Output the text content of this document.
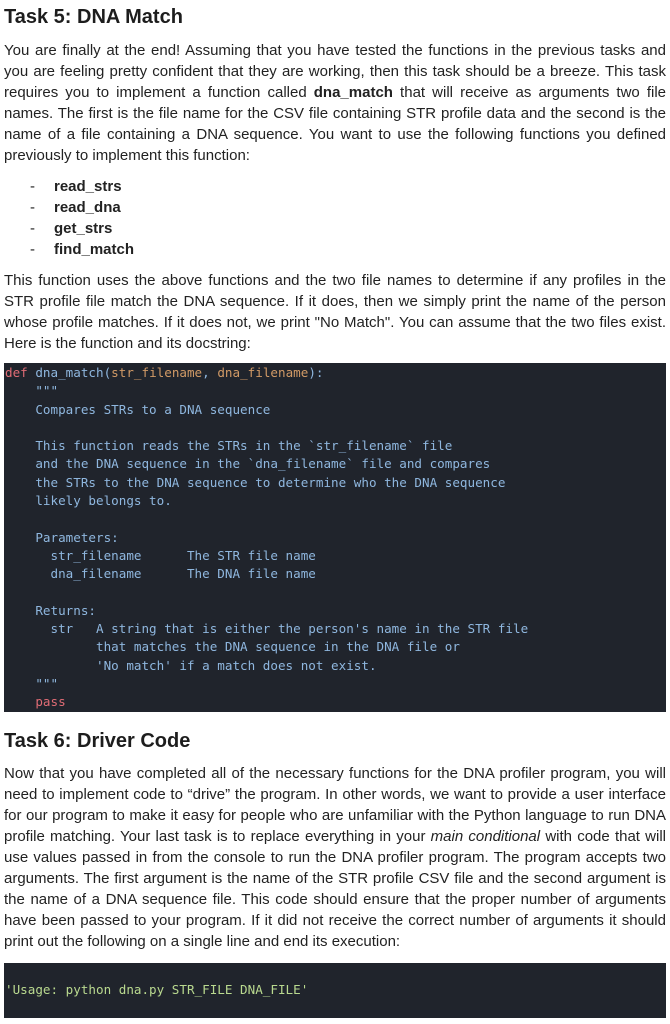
Task 5: DNA Match

You are finally at the end! Assuming that you have tested the functions in the previous tasks and you are feeling pretty confident that they are working, then this task should be a breeze. This task requires you to implement a function called dna_match that will receive as arguments two file names. The first is the file name for the CSV file containing STR profile data and the second is the name of a file containing a DNA sequence. You want to use the following functions you defined previously to implement this function:

- read_strs
- read_dna
- get_strs
- find_match

This function uses the above functions and the two file names to determine if any profiles in the STR profile file match the DNA sequence. If it does, then we simply print the name of the person whose profile matches. If it does not, we print "No Match". You can assume that the two files exist. Here is the function and its docstring:

def dna_match(str_filename, dna_filename):
"""
Compares STRs to a DNA sequence
This function reads the STRs in the `str_filename` file
and the DNA sequence in the `dna_filename` file and compares
the STRs to the DNA sequence to determine who the DNA sequence
likely belongs to.
Parameters:
str_filename      The STR file name
dna_filename      The DNA file name
Returns:
str   A string that is either the person's name in the STR file
that matches the DNA sequence in the DNA file or
'No match' if a match does not exist.
"""
pass
Task 6: Driver Code

Now that you have completed all of the necessary functions for the DNA profiler program, you will need to implement code to “drive” the program. In other words, we want to provide a user interface for our program to make it easy for people who are unfamiliar with the Python language to run DNA profile matching. Your last task is to replace everything in your main conditional with code that will use values passed in from the console to run the DNA profiler program. The program accepts two arguments. The first argument is the name of the STR profile CSV file and the second argument is the name of a DNA sequence file. This code should ensure that the proper number of arguments have been passed to your program. If it did not receive the correct number of arguments it should print out the following on a single line and end its execution:

'Usage: python dna.py STR_FILE DNA_FILE'
